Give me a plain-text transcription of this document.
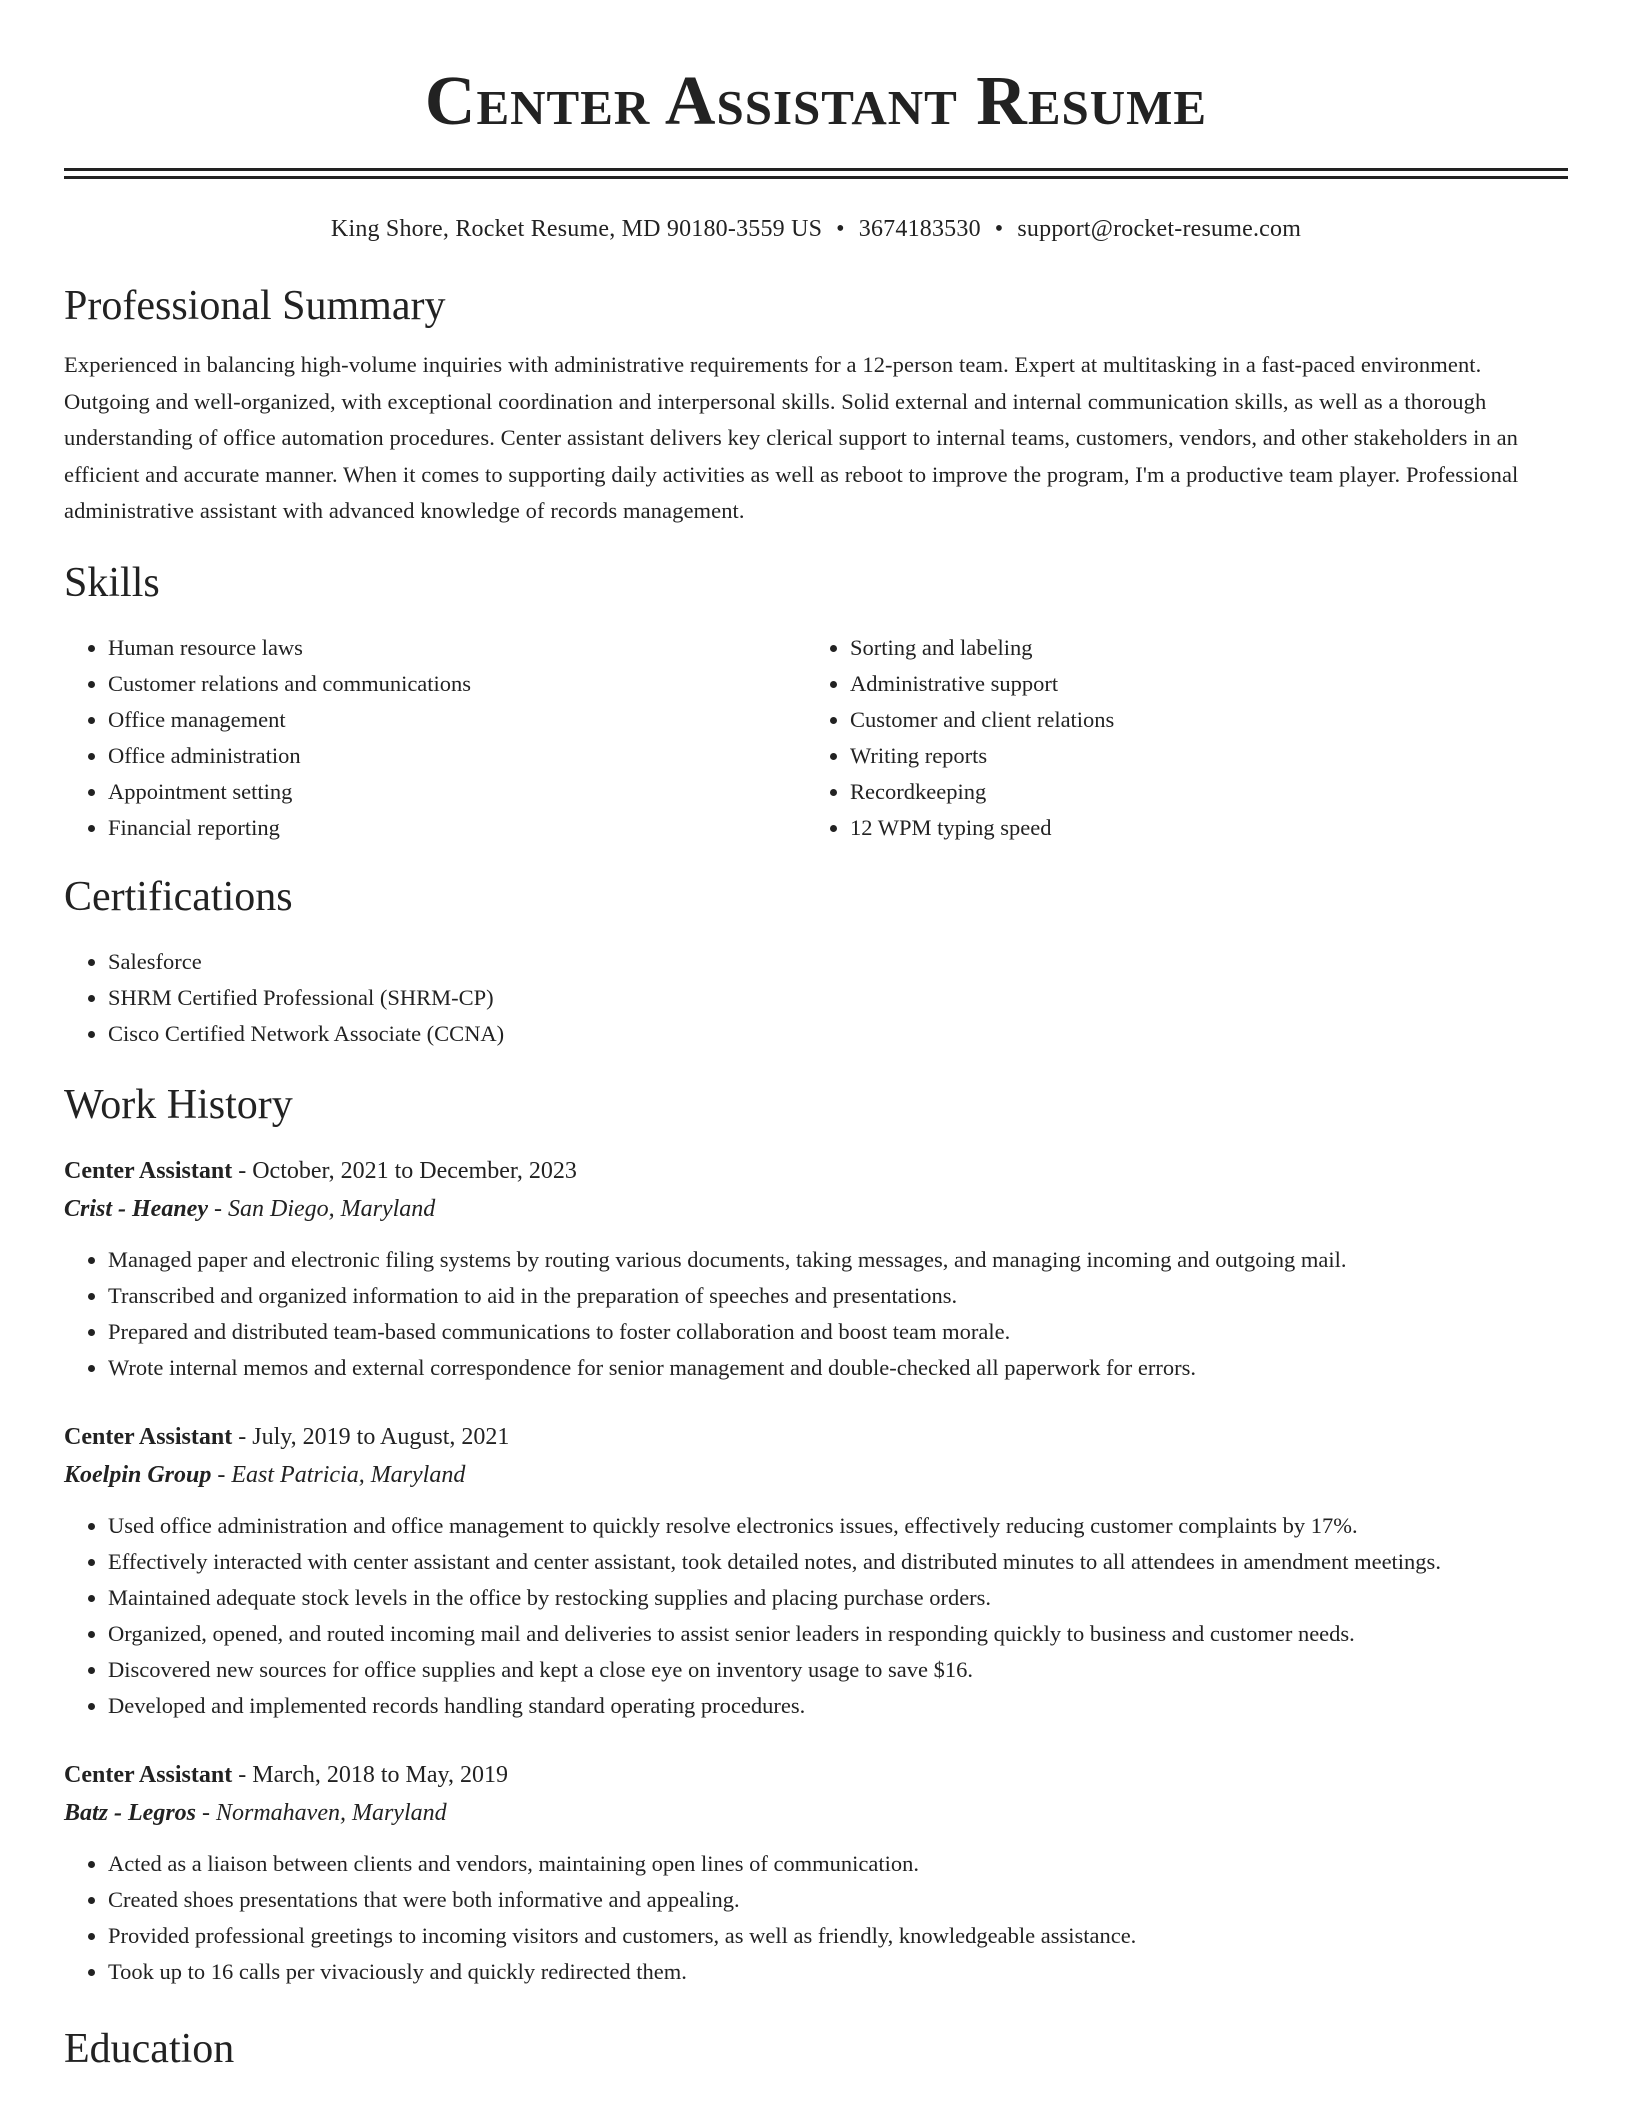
Center Assistant Resume
King Shore, Rocket Resume, MD 90180-3559 US • 3674183530 • support@rocket-resume.com
Professional Summary

Experienced in balancing high-volume inquiries with administrative requirements for a 12-person team. Expert at multitasking in a fast-paced environment. Outgoing and well-organized, with exceptional coordination and interpersonal skills. Solid external and internal communication skills, as well as a thorough understanding of office automation procedures. Center assistant delivers key clerical support to internal teams, customers, vendors, and other stakeholders in an efficient and accurate manner. When it comes to supporting daily activities as well as reboot to improve the program, I'm a productive team player. Professional administrative assistant with advanced knowledge of records management.

Skills
• Human resource laws
• Customer relations and communications
• Office management
• Office administration
• Appointment setting
• Financial reporting
• Sorting and labeling
• Administrative support
• Customer and client relations
• Writing reports
• Recordkeeping
• 12 WPM typing speed
Certifications
• Salesforce
• SHRM Certified Professional (SHRM-CP)
• Cisco Certified Network Associate (CCNA)
Work History
Center Assistant - October, 2021 to December, 2023
Crist - Heaney - San Diego, Maryland
• Managed paper and electronic filing systems by routing various documents, taking messages, and managing incoming and outgoing mail.
• Transcribed and organized information to aid in the preparation of speeches and presentations.
• Prepared and distributed team-based communications to foster collaboration and boost team morale.
• Wrote internal memos and external correspondence for senior management and double-checked all paperwork for errors.
Center Assistant - July, 2019 to August, 2021
Koelpin Group - East Patricia, Maryland
• Used office administration and office management to quickly resolve electronics issues, effectively reducing customer complaints by 17%.
• Effectively interacted with center assistant and center assistant, took detailed notes, and distributed minutes to all attendees in amendment meetings.
• Maintained adequate stock levels in the office by restocking supplies and placing purchase orders.
• Organized, opened, and routed incoming mail and deliveries to assist senior leaders in responding quickly to business and customer needs.
• Discovered new sources for office supplies and kept a close eye on inventory usage to save $16.
• Developed and implemented records handling standard operating procedures.
Center Assistant - March, 2018 to May, 2019
Batz - Legros - Normahaven, Maryland
• Acted as a liaison between clients and vendors, maintaining open lines of communication.
• Created shoes presentations that were both informative and appealing.
• Provided professional greetings to incoming visitors and customers, as well as friendly, knowledgeable assistance.
• Took up to 16 calls per vivaciously and quickly redirected them.
Education
